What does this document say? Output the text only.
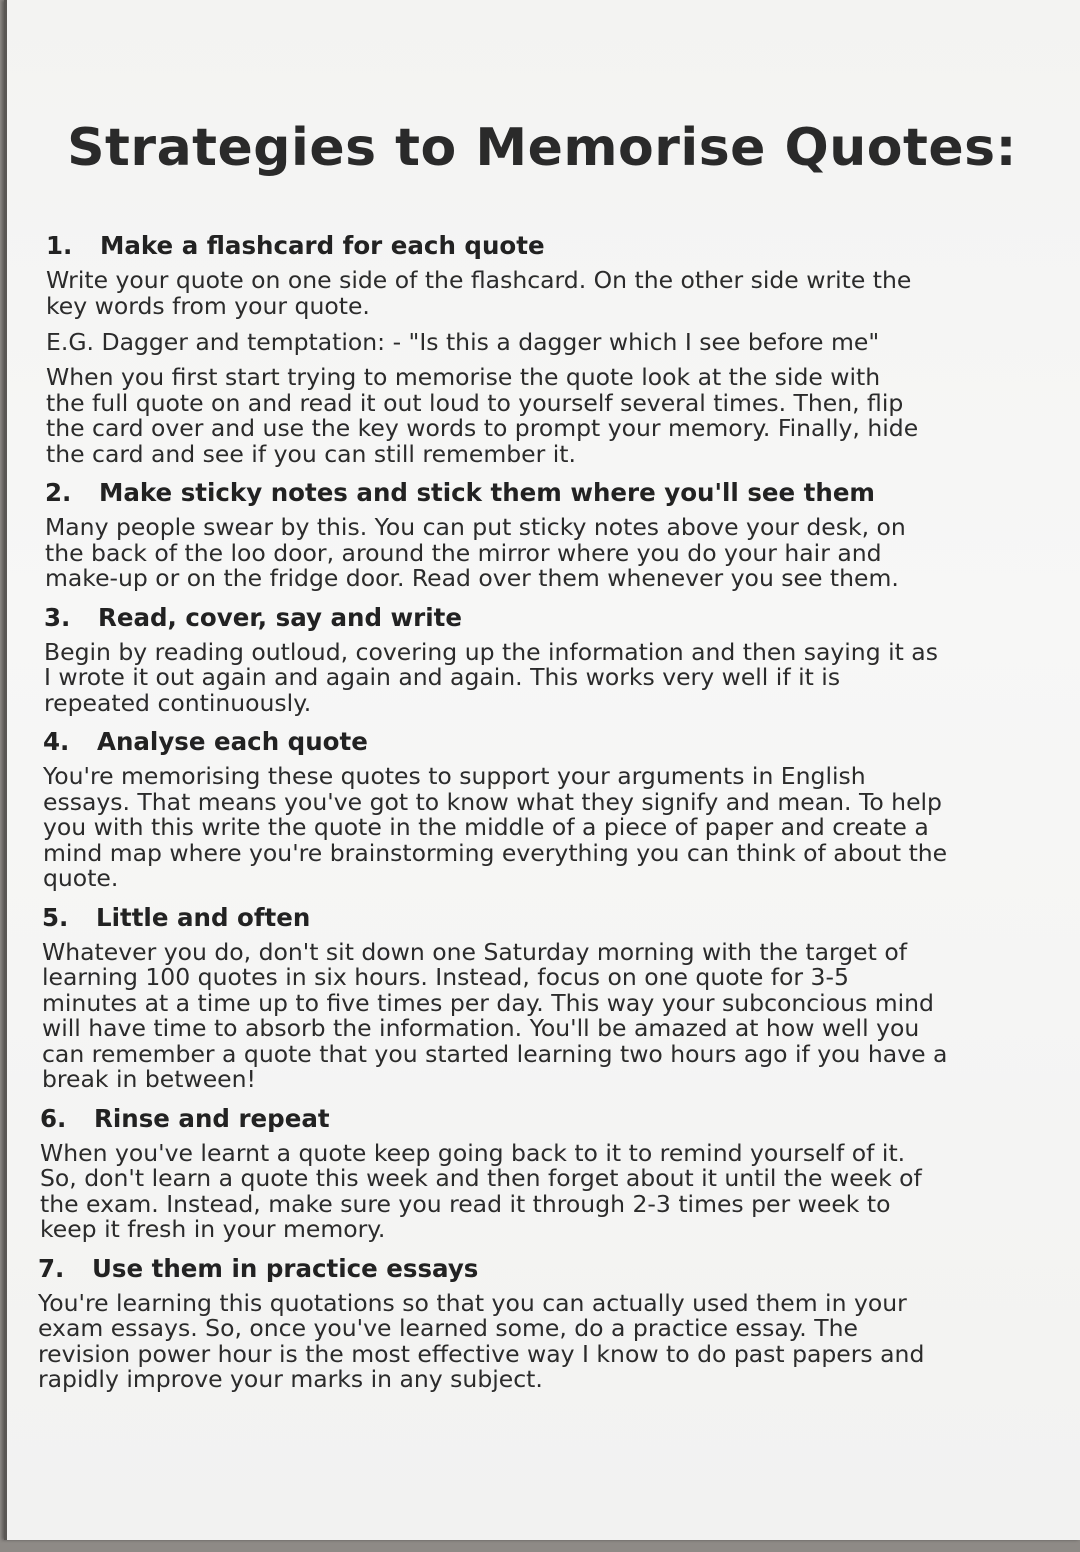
Strategies to Memorise Quotes:
1. Make a flashcard for each quote
Write your quote on one side of the flashcard. On the other side write the
key words from your quote.
E.G. Dagger and temptation: - "Is this a dagger which I see before me"
When you first start trying to memorise the quote look at the side with
the full quote on and read it out loud to yourself several times. Then, flip
the card over and use the key words to prompt your memory. Finally, hide
the card and see if you can still remember it.
2. Make sticky notes and stick them where you'll see them
Many people swear by this. You can put sticky notes above your desk, on
the back of the loo door, around the mirror where you do your hair and
make-up or on the fridge door. Read over them whenever you see them.
3. Read, cover, say and write
Begin by reading outloud, covering up the information and then saying it as
I wrote it out again and again and again. This works very well if it is
repeated continuously.
4. Analyse each quote
You're memorising these quotes to support your arguments in English
essays. That means you've got to know what they signify and mean. To help
you with this write the quote in the middle of a piece of paper and create a
mind map where you're brainstorming everything you can think of about the
quote.
5. Little and often
Whatever you do, don't sit down one Saturday morning with the target of
learning 100 quotes in six hours. Instead, focus on one quote for 3-5
minutes at a time up to five times per day. This way your subconcious mind
will have time to absorb the information. You'll be amazed at how well you
can remember a quote that you started learning two hours ago if you have a
break in between!
6. Rinse and repeat
When you've learnt a quote keep going back to it to remind yourself of it.
So, don't learn a quote this week and then forget about it until the week of
the exam. Instead, make sure you read it through 2-3 times per week to
keep it fresh in your memory.
7. Use them in practice essays
You're learning this quotations so that you can actually used them in your
exam essays. So, once you've learned some, do a practice essay. The
revision power hour is the most effective way I know to do past papers and
rapidly improve your marks in any subject.
